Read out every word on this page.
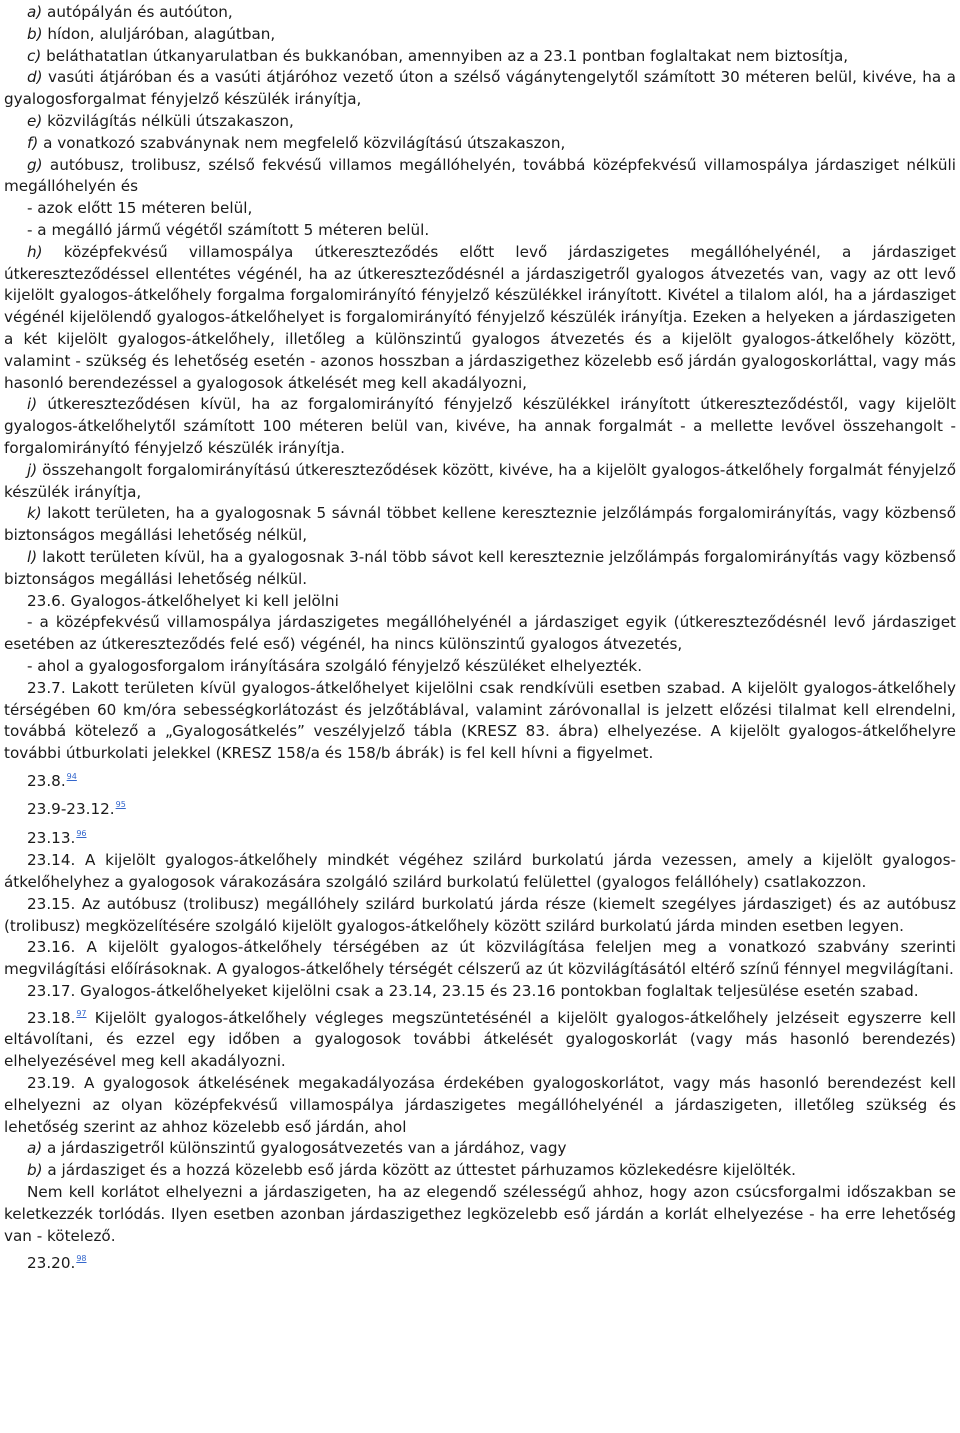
a) autópályán és autóúton,

b) hídon, aluljáróban, alagútban,

c) beláthatatlan útkanyarulatban és bukkanóban, amennyiben az a 23.1 pontban foglaltakat nem biztosítja,

d) vasúti átjáróban és a vasúti átjáróhoz vezető úton a szélső vágánytengelytől számított 30 méteren belül, kivéve, ha a gyalogosforgalmat fényjelző készülék irányítja,

e) közvilágítás nélküli útszakaszon,

f) a vonatkozó szabványnak nem megfelelő közvilágítású útszakaszon,

g) autóbusz, trolibusz, szélső fekvésű villamos megállóhelyén, továbbá középfekvésű villamospálya járdasziget nélküli megállóhelyén és

- azok előtt 15 méteren belül,

- a megálló jármű végétől számított 5 méteren belül.

h) középfekvésű villamospálya útkereszteződés előtt levő járdaszigetes megállóhelyénél, a járdasziget útkereszteződéssel ellentétes végénél, ha az útkereszteződésnél a járdaszigetről gyalogos átvezetés van, vagy az ott levő kijelölt gyalogos-átkelőhely forgalma forgalomirányító fényjelző készülékkel irányított. Kivétel a tilalom alól, ha a járdasziget végénél kijelölendő gyalogos-átkelőhelyet is forgalomirányító fényjelző készülék irányítja. Ezeken a helyeken a járdaszigeten a két kijelölt gyalogos-átkelőhely, illetőleg a különszintű gyalogos átvezetés és a kijelölt gyalogos-átkelőhely között, valamint - szükség és lehetőség esetén - azonos hosszban a járdaszigethez közelebb eső járdán gyalogoskorláttal, vagy más hasonló berendezéssel a gyalogosok átkelését meg kell akadályozni,

i) útkereszteződésen kívül, ha az forgalomirányító fényjelző készülékkel irányított útkereszteződéstől, vagy kijelölt gyalogos-átkelőhelytől számított 100 méteren belül van, kivéve, ha annak forgalmát - a mellette levővel összehangolt - forgalomirányító fényjelző készülék irányítja.

j) összehangolt forgalomirányítású útkereszteződések között, kivéve, ha a kijelölt gyalogos-átkelőhely forgalmát fényjelző készülék irányítja,

k) lakott területen, ha a gyalogosnak 5 sávnál többet kellene kereszteznie jelzőlámpás forgalomirányítás, vagy közbenső biztonságos megállási lehetőség nélkül,

l) lakott területen kívül, ha a gyalogosnak 3-nál több sávot kell kereszteznie jelzőlámpás forgalomirányítás vagy közbenső biztonságos megállási lehetőség nélkül.

23.6. Gyalogos-átkelőhelyet ki kell jelölni

- a középfekvésű villamospálya járdaszigetes megállóhelyénél a járdasziget egyik (útkereszteződésnél levő járdasziget esetében az útkereszteződés felé eső) végénél, ha nincs különszintű gyalogos átvezetés,

- ahol a gyalogosforgalom irányítására szolgáló fényjelző készüléket elhelyezték.

23.7. Lakott területen kívül gyalogos-átkelőhelyet kijelölni csak rendkívüli esetben szabad. A kijelölt gyalogos-átkelőhely térségében 60 km/óra sebességkorlátozást és jelzőtáblával, valamint záróvonallal is jelzett előzési tilalmat kell elrendelni, továbbá kötelező a „Gyalogosátkelés” veszélyjelző tábla (KRESZ 83. ábra) elhelyezése. A kijelölt gyalogos-átkelőhelyre további útburkolati jelekkel (KRESZ 158/a és 158/b ábrák) is fel kell hívni a figyelmet.

23.8.94

23.9-23.12.95

23.13.96

23.14. A kijelölt gyalogos-átkelőhely mindkét végéhez szilárd burkolatú járda vezessen, amely a kijelölt gyalogos-átkelőhelyhez a gyalogosok várakozására szolgáló szilárd burkolatú felülettel (gyalogos felállóhely) csatlakozzon.

23.15. Az autóbusz (trolibusz) megállóhely szilárd burkolatú járda része (kiemelt szegélyes járdasziget) és az autóbusz (trolibusz) megközelítésére szolgáló kijelölt gyalogos-átkelőhely között szilárd burkolatú járda minden esetben legyen.

23.16. A kijelölt gyalogos-átkelőhely térségében az út közvilágítása feleljen meg a vonatkozó szabvány szerinti megvilágítási előírásoknak. A gyalogos-átkelőhely térségét célszerű az út közvilágításától eltérő színű fénnyel megvilágítani.

23.17. Gyalogos-átkelőhelyeket kijelölni csak a 23.14, 23.15 és 23.16 pontokban foglaltak teljesülése esetén szabad.

23.18.97 Kijelölt gyalogos-átkelőhely végleges megszüntetésénél a kijelölt gyalogos-átkelőhely jelzéseit egyszerre kell eltávolítani, és ezzel egy időben a gyalogosok további átkelését gyalogoskorlát (vagy más hasonló berendezés) elhelyezésével meg kell akadályozni.

23.19. A gyalogosok átkelésének megakadályozása érdekében gyalogoskorlátot, vagy más hasonló berendezést kell elhelyezni az olyan középfekvésű villamospálya járdaszigetes megállóhelyénél a járdaszigeten, illetőleg szükség és lehetőség szerint az ahhoz közelebb eső járdán, ahol

a) a járdaszigetről különszintű gyalogosátvezetés van a járdához, vagy

b) a járdasziget és a hozzá közelebb eső járda között az úttestet párhuzamos közlekedésre kijelölték.

Nem kell korlátot elhelyezni a járdaszigeten, ha az elegendő szélességű ahhoz, hogy azon csúcsforgalmi időszakban se keletkezzék torlódás. Ilyen esetben azonban járdaszigethez legközelebb eső járdán a korlát elhelyezése - ha erre lehetőség van - kötelező.

23.20.98
